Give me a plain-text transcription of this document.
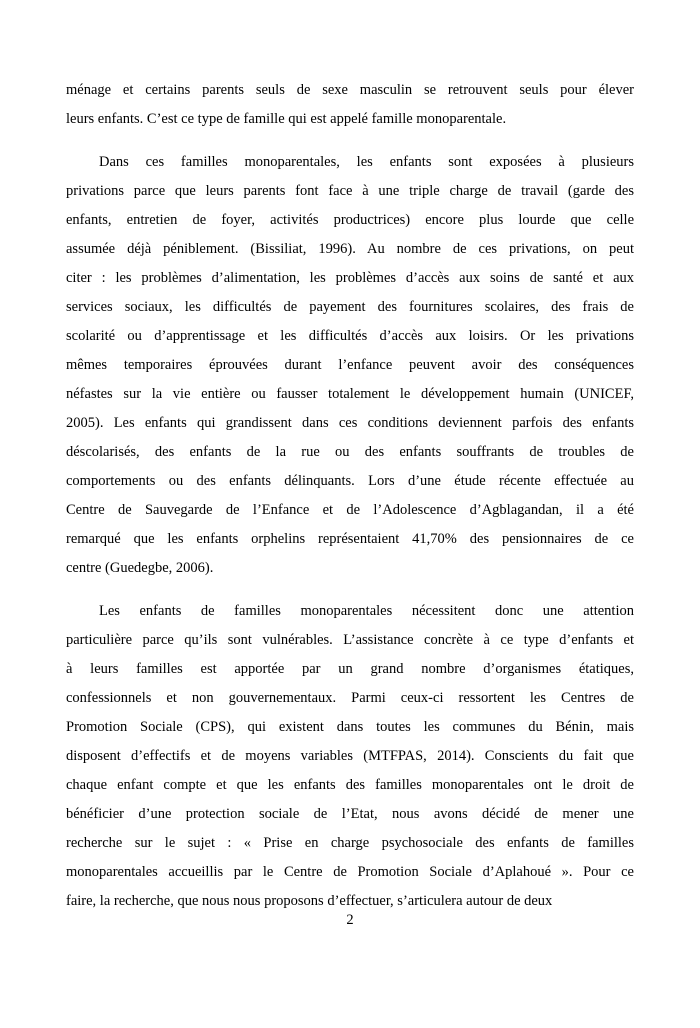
ménage et certains parents seuls de sexe masculin se retrouvent seuls pour élever
leurs enfants. C’est ce type de famille qui est appelé famille monoparentale.
Dans ces familles monoparentales, les enfants sont exposées à plusieurs
privations parce que leurs parents font face à une triple charge de travail (garde des
enfants, entretien de foyer, activités productrices) encore plus lourde que celle
assumée déjà péniblement. (Bissiliat, 1996). Au nombre de ces privations, on peut
citer : les problèmes d’alimentation, les problèmes d’accès aux soins de santé et aux
services sociaux, les difficultés de payement des fournitures scolaires, des frais de
scolarité ou d’apprentissage et les difficultés d’accès aux loisirs. Or les privations
mêmes temporaires éprouvées durant l’enfance peuvent avoir des conséquences
néfastes sur la vie entière ou fausser totalement le développement humain (UNICEF,
2005). Les enfants qui grandissent dans ces conditions deviennent parfois des enfants
déscolarisés, des enfants de la rue ou des enfants souffrants de troubles de
comportements ou des enfants délinquants. Lors d’une étude récente effectuée au
Centre de Sauvegarde de l’Enfance et de l’Adolescence d’Agblagandan, il a été
remarqué que les enfants orphelins représentaient 41,70% des pensionnaires de ce
centre (Guedegbe, 2006).
Les enfants de familles monoparentales nécessitent donc une attention
particulière parce qu’ils sont vulnérables. L’assistance concrète à ce type d’enfants et
à leurs familles est apportée par un grand nombre d’organismes étatiques,
confessionnels et non gouvernementaux. Parmi ceux-ci ressortent les Centres de
Promotion Sociale (CPS), qui existent dans toutes les communes du Bénin, mais
disposent d’effectifs et de moyens variables (MTFPAS, 2014). Conscients du fait que
chaque enfant compte et que les enfants des familles monoparentales ont le droit de
bénéficier d’une protection sociale de l’Etat, nous avons décidé de mener une
recherche sur le sujet : « Prise en charge psychosociale des enfants de familles
monoparentales accueillis par le Centre de Promotion Sociale d’Aplahoué ». Pour ce
faire, la recherche, que nous nous proposons d’effectuer, s’articulera autour de deux
2
